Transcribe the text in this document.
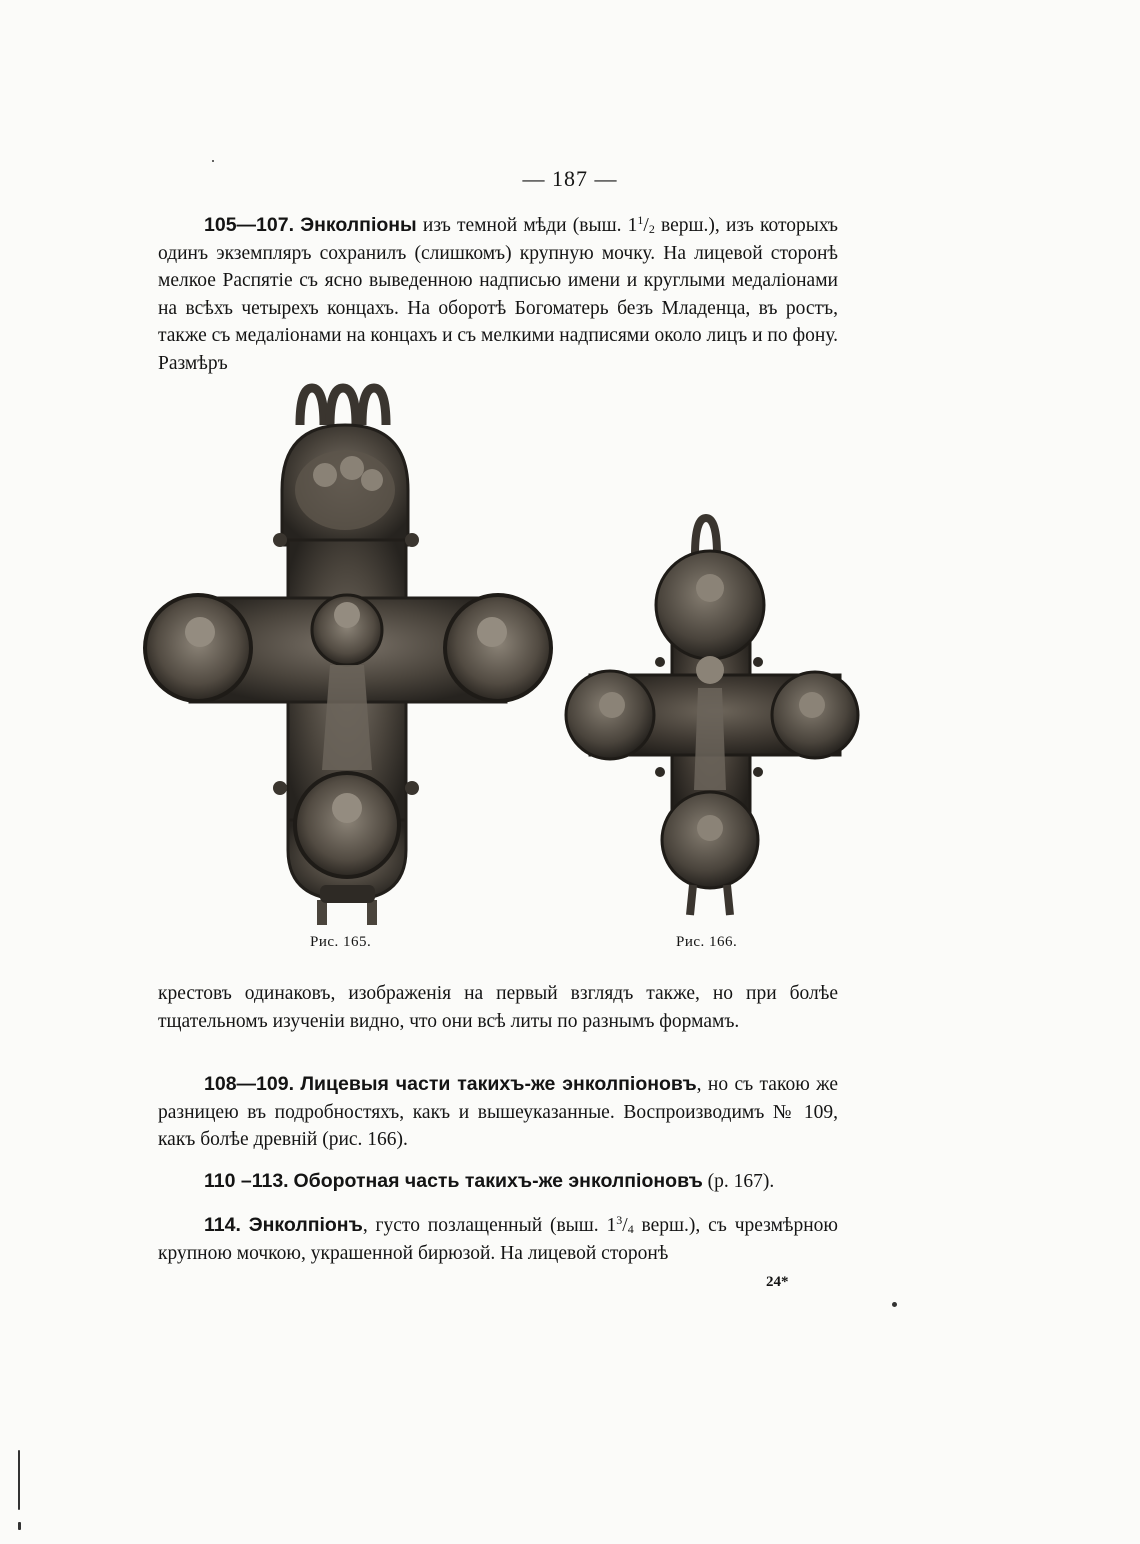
— 187 —
105—107. Энколпіоны изъ темной мѣди (выш. $1^1/_2$ верш.), изъ которыхъ одинъ экземпляръ сохранилъ (слишкомъ) крупную мочку. На лицевой сторонѣ мелкое Распятіе съ ясно выведенною надписью имени и круглыми медаліонами на всѣхъ четырехъ концахъ. На оборотѣ Богоматерь безъ Младенца, въ ростъ, также съ медаліонами на концахъ и съ мелкими надписями около лицъ и по фону. Размѣръ
Рис. 165.	Рис. 166.
крестовъ одинаковъ, изображенія на первый взглядъ также, но при болѣе тщательномъ изученіи видно, что они всѣ литы по разнымъ формамъ.
108—109. Лицевыя части такихъ-же энколпіоновъ, но съ такою же разницею въ подробностяхъ, какъ и вышеуказанные. Воспроизводимъ № 109, какъ болѣе древній (рис. 166).
110 –113. Оборотная часть такихъ-же энколпіоновъ (р. 167).
114. Энколпіонъ, густо позлащенный (выш. $1^3/_4$ верш.), съ чрезмѣрною крупною мочкою, украшенной бирюзой. На лицевой сторонѣ
24*
